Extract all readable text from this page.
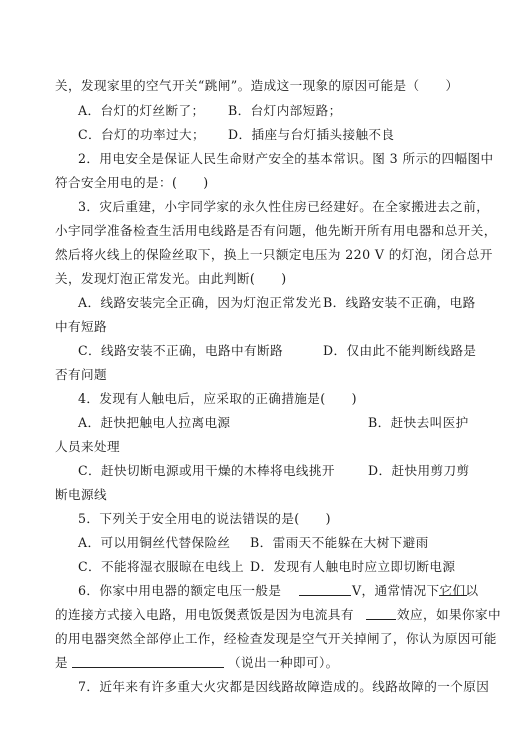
关，发现家里的空气开关“跳闸”。造成这一现象的原因可能是（　　）
A．台灯的灯丝断了； B．台灯内部短路；
C．台灯的功率过大； D．插座与台灯插头接触不良
2．用电安全是保证人民生命财产安全的基本常识。图 3 所示的四幅图中
符合安全用电的是：(　　)
3．灾后重建，小宇同学家的永久性住房已经建好。在全家搬进去之前，
小宇同学准备检查生活用电线路是否有问题，他先断开所有用电器和总开关，
然后将火线上的保险丝取下，换上一只额定电压为 220 V 的灯泡，闭合总开
关，发现灯泡正常发光。由此判断(　　)
A．线路安装完全正确，因为灯泡正常发光 B．线路安装不正确，电路
中有短路
C．线路安装不正确，电路中有断路	D．仅由此不能判断线路是
否有问题
4．发现有人触电后，应采取的正确措施是(　　)
A．赶快把触电人拉离电源	B．赶快去叫医护
人员来处理
C．赶快切断电源或用干燥的木棒将电线挑开	D．赶快用剪刀剪
断电源线
5．下列关于安全用电的说法错误的是(　　)
A．可以用铜丝代替保险丝 B．雷雨天不能躲在大树下避雨
C．不能将湿衣服晾在电线上 D．发现有人触电时应立即切断电源
6．你家中用电器的额定电压一般是	V，通常情况下它们以
的连接方式接入电路，用电饭煲煮饭是因为电流具有	效应，如果你家中
的用电器突然全部停止工作，经检查发现是空气开关掉闸了，你认为原因可能
是	（说出一种即可）。
7．近年来有许多重大火灾都是因线路故障造成的。线路故障的一个原因
